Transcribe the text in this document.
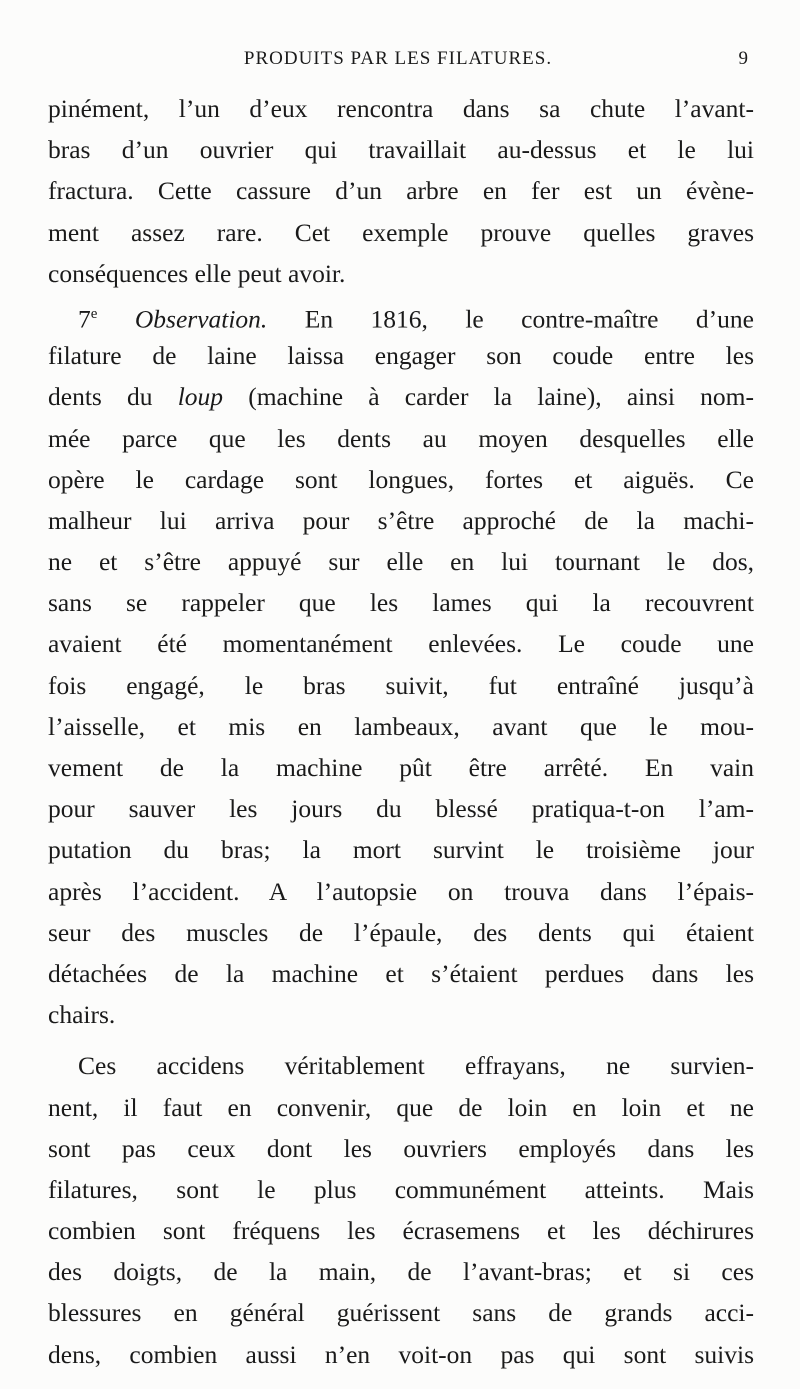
PRODUITS PAR LES FILATURES.	9
pinément, l’un d’eux rencontra dans sa chute l’avant-
bras d’un ouvrier qui travaillait au-dessus et le lui
fractura. Cette cassure d’un arbre en fer est un évène-
ment assez rare. Cet exemple prouve quelles graves
conséquences elle peut avoir.
7e Observation. En 1816, le contre-maître d’une
filature de laine laissa engager son coude entre les
dents du loup (machine à carder la laine), ainsi nom-
mée parce que les dents au moyen desquelles elle
opère le cardage sont longues, fortes et aiguës. Ce
malheur lui arriva pour s’être approché de la machi-
ne et s’être appuyé sur elle en lui tournant le dos,
sans se rappeler que les lames qui la recouvrent
avaient été momentanément enlevées. Le coude une
fois engagé, le bras suivit, fut entraîné jusqu’à
l’aisselle, et mis en lambeaux, avant que le mou-
vement de la machine pût être arrêté. En vain
pour sauver les jours du blessé pratiqua-t-on l’am-
putation du bras; la mort survint le troisième jour
après l’accident. A l’autopsie on trouva dans l’épais-
seur des muscles de l’épaule, des dents qui étaient
détachées de la machine et s’étaient perdues dans les
chairs.
Ces accidens véritablement effrayans, ne survien-
nent, il faut en convenir, que de loin en loin et ne
sont pas ceux dont les ouvriers employés dans les
filatures, sont le plus communément atteints. Mais
combien sont fréquens les écrasemens et les déchirures
des doigts, de la main, de l’avant-bras; et si ces
blessures en général guérissent sans de grands acci-
dens, combien aussi n’en voit-on pas qui sont suivis
